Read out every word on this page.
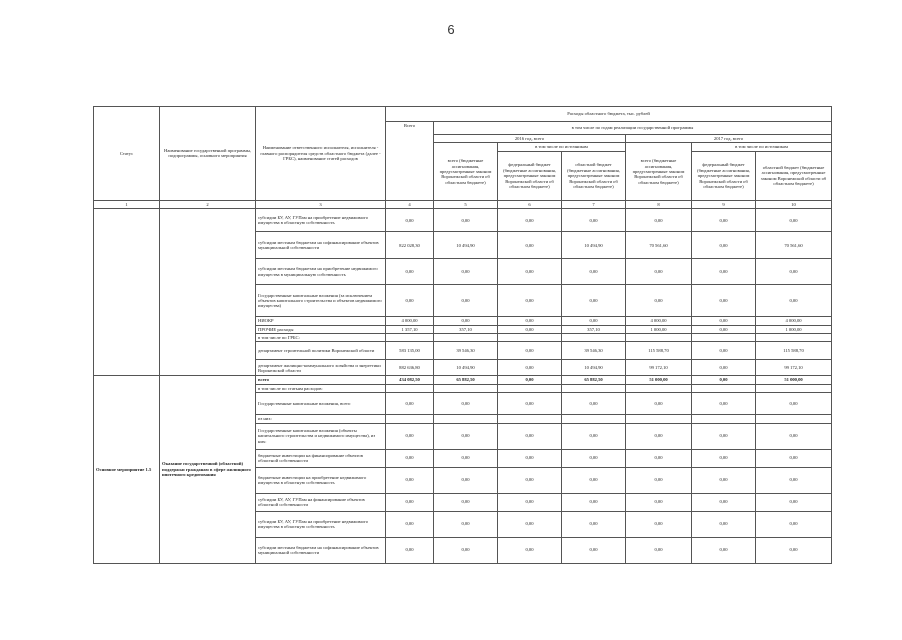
6
Статус	Наименование государственной программы, подпрограммы, основного мероприятия	Наименование ответственного исполнителя, исполнителя - главного распорядителя средств областного бюджета (далее - ГРБС), наименование статей расходов	Расходы областного бюджета, тыс. рублей						
			Всего	в том числе по годам реализации государственной программы					
				2016 год, всего			2017 год, всего		
				всего (бюджетные ассигнования, предусмотренные законом Воронежской области об областном бюджете)	в том числе по источникам		всего (бюджетные ассигнования, предусмотренные законом Воронежской области об областном бюджете)	в том числе по источникам	
					федеральный бюджет (бюджетные ассигнования, предусмотренные законом Воронежской области об областном бюджете)	областной бюджет (бюджетные ассигнования, предусмотренные законом Воронежской области об областном бюджете)		федеральный бюджет (бюджетные ассигнования, предусмотренные законом Воронежской области об областном бюджете)	областной бюджет (бюджетные ассигнования, предусмотренные законом Воронежской области об областном бюджете)
1	2	3	4	5	6	7	8	9	10
		субсидии БУ, АУ, ГУПам на приобретение недвижимого имущества в областную собственность	0,00	0,00	0,00	0,00	0,00	0,00	0,00
		субсидии местным бюджетам на софинансирование объектов муниципальной собственности	822 028,30	10 494,90	0,00	10 494,90	70 561,60	0,00	70 561,60
		субсидии местным бюджетам на приобретение недвижимого имущества в муниципальную собственность	0,00	0,00	0,00	0,00	0,00	0,00	0,00
		Государственные капитальные вложения (за исключением объектов капитального строительства и объектов недвижимого имущества)	0,00	0,00	0,00	0,00	0,00	0,00	0,00
		НИОКР	4 000,00	0,00	0,00	0,00	4 000,00	0,00	4 000,00
		ПРОЧИЕ расходы	1 357,10	357,10	0,00	357,10	1 000,00	0,00	1 000,00
		в том числе по ГРБС:							
		департамент строительной политики Воронежской области	583 135,00	39 546,30	0,00	39 546,30	115 588,70	0,00	115 588,70
		департамент жилищно-коммунального хозяйства и энергетики Воронежской области	882 636,80	10 494,90	0,00	10 494,90	99 172,10	0,00	99 172,10
Основное мероприятие 1.5	Оказание государственной (областной) поддержки гражданам в сфере жилищного ипотечного кредитования	всего	434 082,50	65 882,50	0,00	65 882,50	51 000,00	0,00	51 000,00
		в том числе по статьям расходов:							
		Государственные капитальные вложения, всего	0,00	0,00	0,00	0,00	0,00	0,00	0,00
		из них:							
		Государственные капитальные вложения (объекты капитального строительства и недвижимого имущества), из них:	0,00	0,00	0,00	0,00	0,00	0,00	0,00
		бюджетные инвестиции на финансирование объектов областной собственности	0,00	0,00	0,00	0,00	0,00	0,00	0,00
		бюджетные инвестиции на приобретение недвижимого имущества в областную собственность	0,00	0,00	0,00	0,00	0,00	0,00	0,00
		субсидии БУ, АУ, ГУПам на финансирование объектов областной собственности	0,00	0,00	0,00	0,00	0,00	0,00	0,00
		субсидии БУ, АУ, ГУПам на приобретение недвижимого имущества в областную собственность	0,00	0,00	0,00	0,00	0,00	0,00	0,00
		субсидии местным бюджетам на софинансирование объектов муниципальной собственности	0,00	0,00	0,00	0,00	0,00	0,00	0,00
